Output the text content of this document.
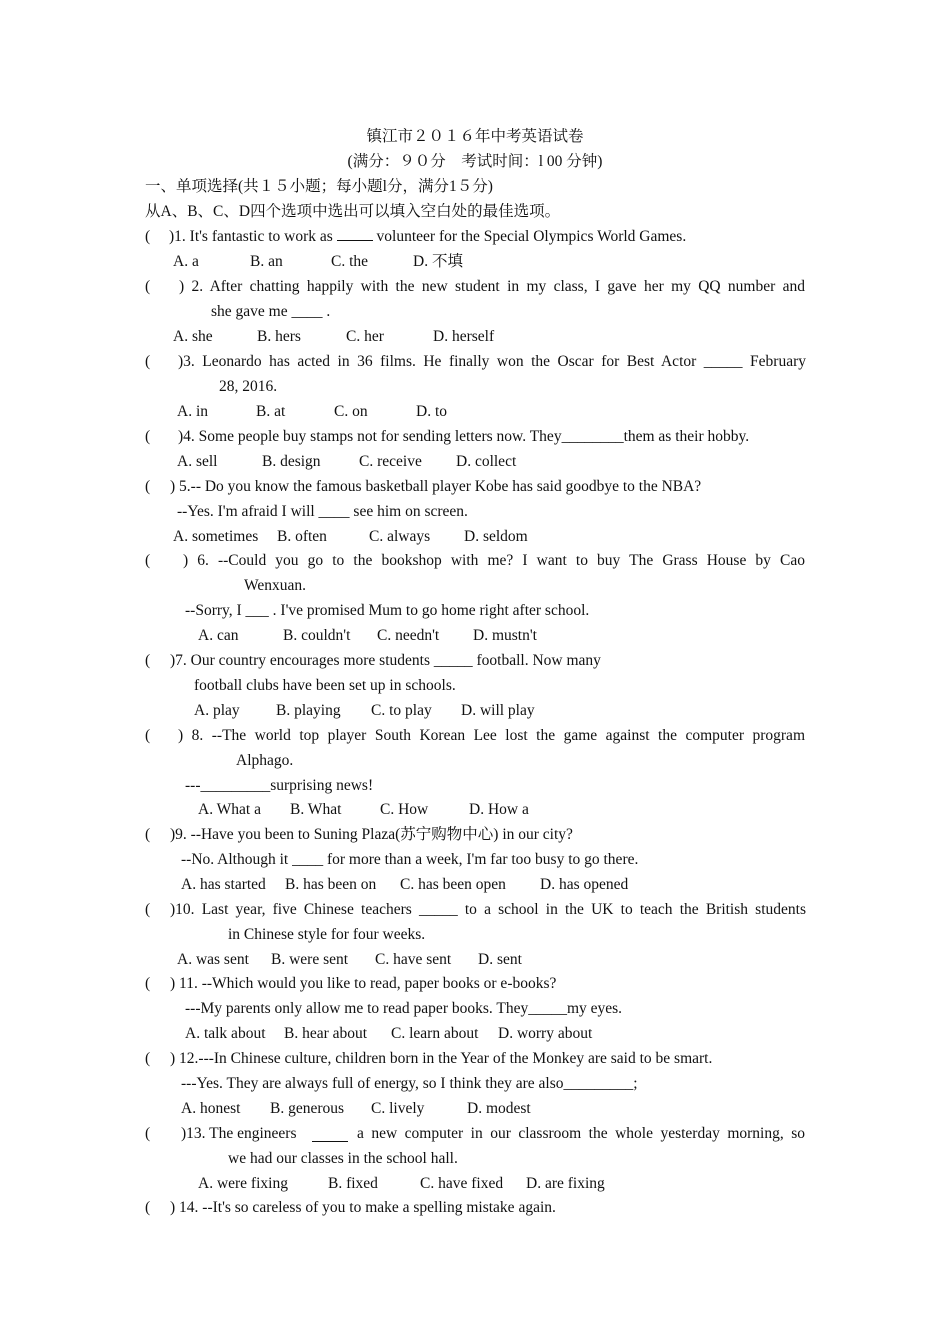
镇江市２０１６年中考英语试卷
(满分：９０分　考试时间：l 00 分钟)
一、单项选择(共１５小题；每小题l分，满分1５分)
从A、B、C、D四个选项中选出可以填入空白处的最佳选项。
( )1. It's fantastic to work as	volunteer for the Special Olympics World Games.
A. a	B. an	C. the	D. 不填
( ) 2. After chatting happily with the new student in my class, I gave her my QQ number and
she gave me ____ .
A. she	B. hers	C. her	D. herself
( )3. Leonardo has acted in 36 films. He finally won the Oscar for Best Actor _____ February
28, 2016.
A. in	B. at	C. on	D. to
( )4. Some people buy stamps not for sending letters now. They________them as their hobby.
A. sell	B. design C. receive D. collect
( ) 5.-- Do you know the famous basketball player Kobe has said goodbye to the NBA?
--Yes. I'm afraid I will ____ see him on screen.
A. sometimes B. often	C. always D. seldom
( ) 6. --Could you go to the bookshop with me? I want to buy The Grass House by Cao
Wenxuan.
--Sorry, I ___ . I've promised Mum to go home right after school.
A. can	B. couldn't C. needn't D. mustn't
( )7. Our country encourages more students _____ football. Now many
football clubs have been set up in schools.
A. play B. playing C. to play D. will play
( ) 8. --The world top player South Korean Lee lost the game against the computer program
Alphago.
---_________surprising news!
A. What a B. What C. How	D. How a
( )9. --Have you been to Suning Plaza(苏宁购物中心) in our city?
--No. Although it ____ for more than a week, I'm far too busy to go there.
A. has started B. has been on C. has been open D. has opened
( )10. Last year, five Chinese teachers _____ to a school in the UK to teach the British students
in Chinese style for four weeks.
A. was sent B. were sent C. have sent D. sent
( ) 11. --Which would you like to read, paper books or e-books?
---My parents only allow me to read paper books. They_____my eyes.
A. talk about B. hear about C. learn about D. worry about
( ) 12.---In Chinese culture, children born in the Year of the Monkey are said to be smart.
---Yes. They are always full of energy, so I think they are also_________;
A. honest B. generous C. lively	D. modest
( )13. The engineers	a new computer in our classroom the whole yesterday morning, so
we had our classes in the school hall.
A. were fixing	B. fixed	C. have fixed D. are fixing
( ) 14. --It's so careless of you to make a spelling mistake again.
